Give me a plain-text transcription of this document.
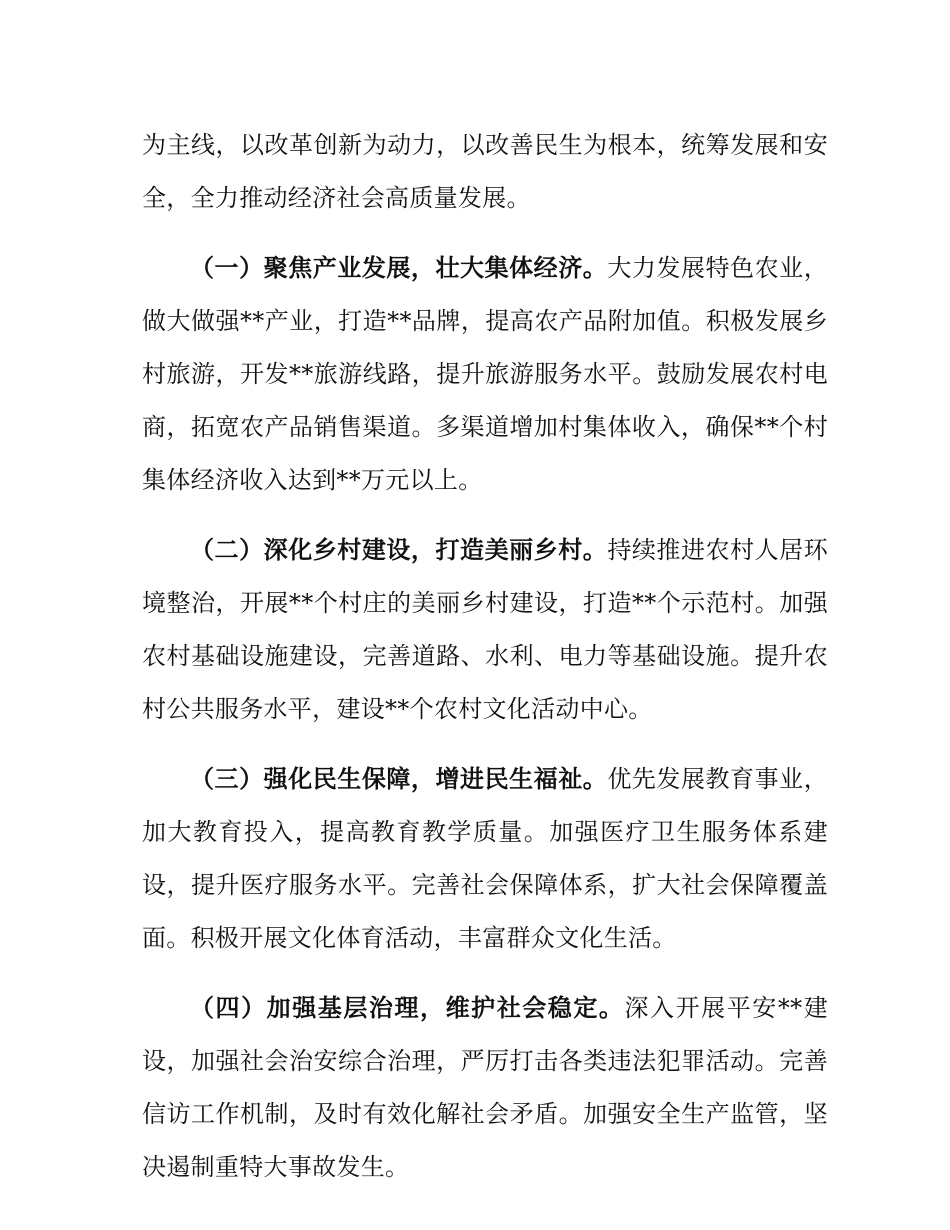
为主线，以改革创新为动力，以改善民生为根本，统筹发展和安全，全力推动经济社会高质量发展。

（一）聚焦产业发展，壮大集体经济。大力发展特色农业，做大做强**产业，打造**品牌，提高农产品附加值。积极发展乡村旅游，开发**旅游线路，提升旅游服务水平。鼓励发展农村电商，拓宽农产品销售渠道。多渠道增加村集体收入，确保**个村集体经济收入达到**万元以上。

（二）深化乡村建设，打造美丽乡村。持续推进农村人居环境整治，开展**个村庄的美丽乡村建设，打造**个示范村。加强农村基础设施建设，完善道路、水利、电力等基础设施。提升农村公共服务水平，建设**个农村文化活动中心。

（三）强化民生保障，增进民生福祉。优先发展教育事业，加大教育投入，提高教育教学质量。加强医疗卫生服务体系建设，提升医疗服务水平。完善社会保障体系，扩大社会保障覆盖面。积极开展文化体育活动，丰富群众文化生活。

（四）加强基层治理，维护社会稳定。深入开展平安**建设，加强社会治安综合治理，严厉打击各类违法犯罪活动。完善信访工作机制，及时有效化解社会矛盾。加强安全生产监管，坚决遏制重特大事故发生。
